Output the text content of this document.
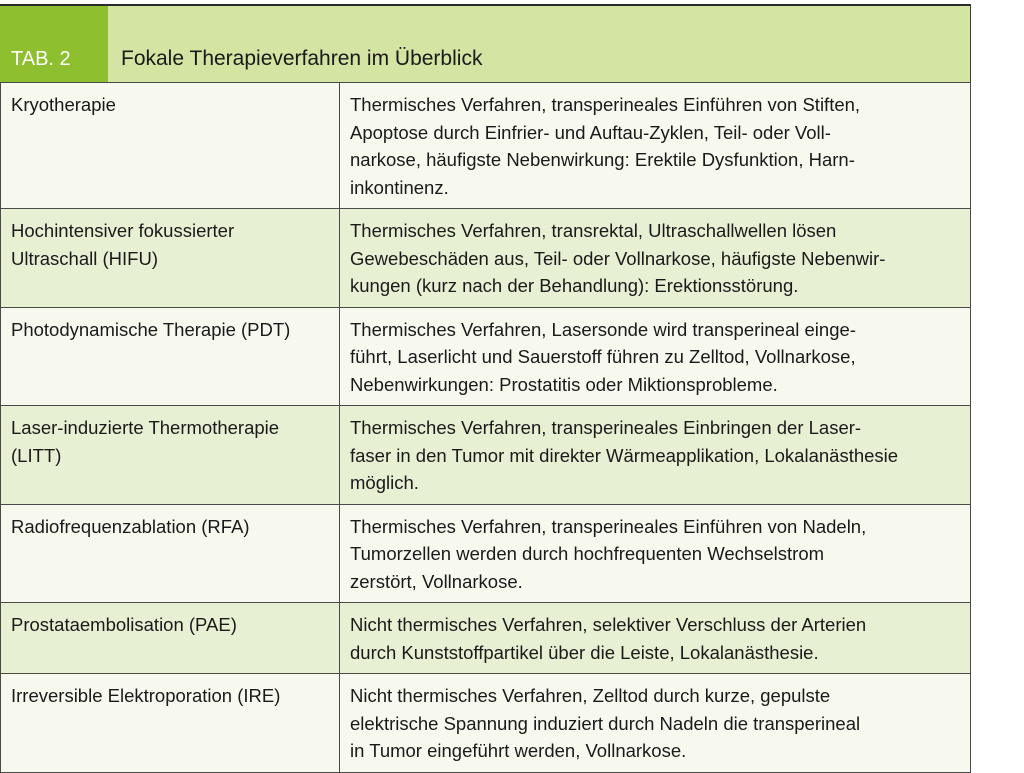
TAB. 2	Fokale Therapieverfahren im Überblick
Kryotherapie	Thermisches Verfahren, transperineales Einführen von Stiften,
Apoptose durch Einfrier- und Auftau-Zyklen, Teil- oder Voll-
narkose, häufigste Nebenwirkung: Erektile Dysfunktion, Harn-
inkontinenz.

Hochintensiver fokussierter
Ultraschall (HIFU)	Thermisches Verfahren, transrektal, Ultraschallwellen lösen
Gewebeschäden aus, Teil- oder Vollnarkose, häufigste Nebenwir-
kungen (kurz nach der Behandlung): Erektionsstörung.

Photodynamische Therapie (PDT)	Thermisches Verfahren, Lasersonde wird transperineal einge-
führt, Laserlicht und Sauerstoff führen zu Zelltod, Vollnarkose,
Nebenwirkungen: Prostatitis oder Miktionsprobleme.

Laser-induzierte Thermotherapie
(LITT)	Thermisches Verfahren, transperineales Einbringen der Laser-
faser in den Tumor mit direkter Wärmeapplikation, Lokalanästhesie
möglich.

Radiofrequenzablation (RFA)	Thermisches Verfahren, transperineales Einführen von Nadeln,
Tumorzellen werden durch hochfrequenten Wechselstrom
zerstört, Vollnarkose.

Prostataembolisation (PAE)	Nicht thermisches Verfahren, selektiver Verschluss der Arterien
durch Kunststoffpartikel über die Leiste, Lokalanästhesie.

Irreversible Elektroporation (IRE)	Nicht thermisches Verfahren, Zelltod durch kurze, gepulste
elektrische Spannung induziert durch Nadeln die transperineal
in Tumor eingeführt werden, Vollnarkose.
